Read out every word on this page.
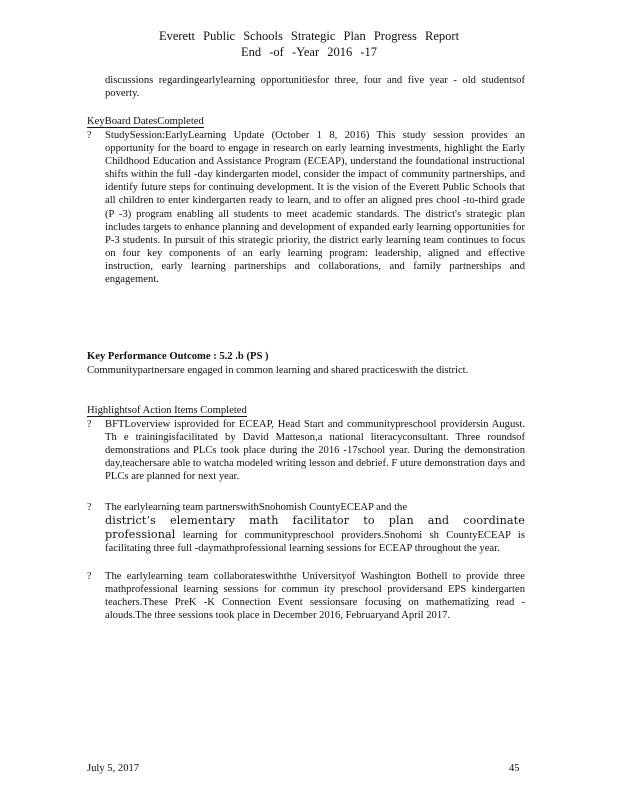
Everett Public Schools Strategic Plan Progress Report
End -of -Year 2016 -17
discussions regardingearlylearning opportunitiesfor three, four and five year - old studentsof poverty.
KeyBoard DatesCompleted
? StudySession:EarlyLearning Update (October 1 8, 2016) This study session provides an opportunity for the board to engage in research on early learning investments, highlight the Early Childhood Education and Assistance Program (ECEAP), understand the foundational instructional shifts within the full -day kindergarten model, consider the impact of community partnerships, and identify future steps for continuing development. It is the vision of the Everett Public Schools that all children to enter kindergarten ready to learn, and to offer an aligned pres chool -to-third grade (P -3) program enabling all students to meet academic standards. The district's strategic plan includes targets to enhance planning and development of expanded early learning opportunities for P-3 students. In pursuit of this strategic priority, the district early learning team continues to focus on four key components of an early learning program: leadership, aligned and effective instruction, early learning partnerships and collaborations, and family partnerships and engagement.
Key Performance Outcome : 5.2 .b (PS )
Communitypartnersare engaged in common learning and shared practiceswith the district.
Highlightsof Action Items Completed
? BFTLoverview isprovided for ECEAP, Head Start and communitypreschool providersin August. Th e trainingisfacilitated by David Matteson,a national literacyconsultant. Three roundsof demonstrations and PLCs took place during the 2016 -17school year. During the demonstration day,teachersare able to watcha modeled writing lesson and debrief. F uture demonstration days and PLCs are planned for next year.
? The earlylearning team partnerswithSnohomish CountyECEAP and the
district’s elementary math facilitator to plan and coordinate professional learning for communitypreschool providers.Snohomi sh CountyECEAP is facilitating three full -daymathprofessional learning sessions for ECEAP throughout the year.
? The earlylearning team collaborateswiththe Universityof Washington Bothell to provide three mathprofessional learning sessions for commun ity preschool providersand EPS kindergarten teachers.These PreK -K Connection Event sessionsare focusing on mathematizing read -alouds.The three sessions took place in December 2016, Februaryand April 2017.
July 5, 2017	45
